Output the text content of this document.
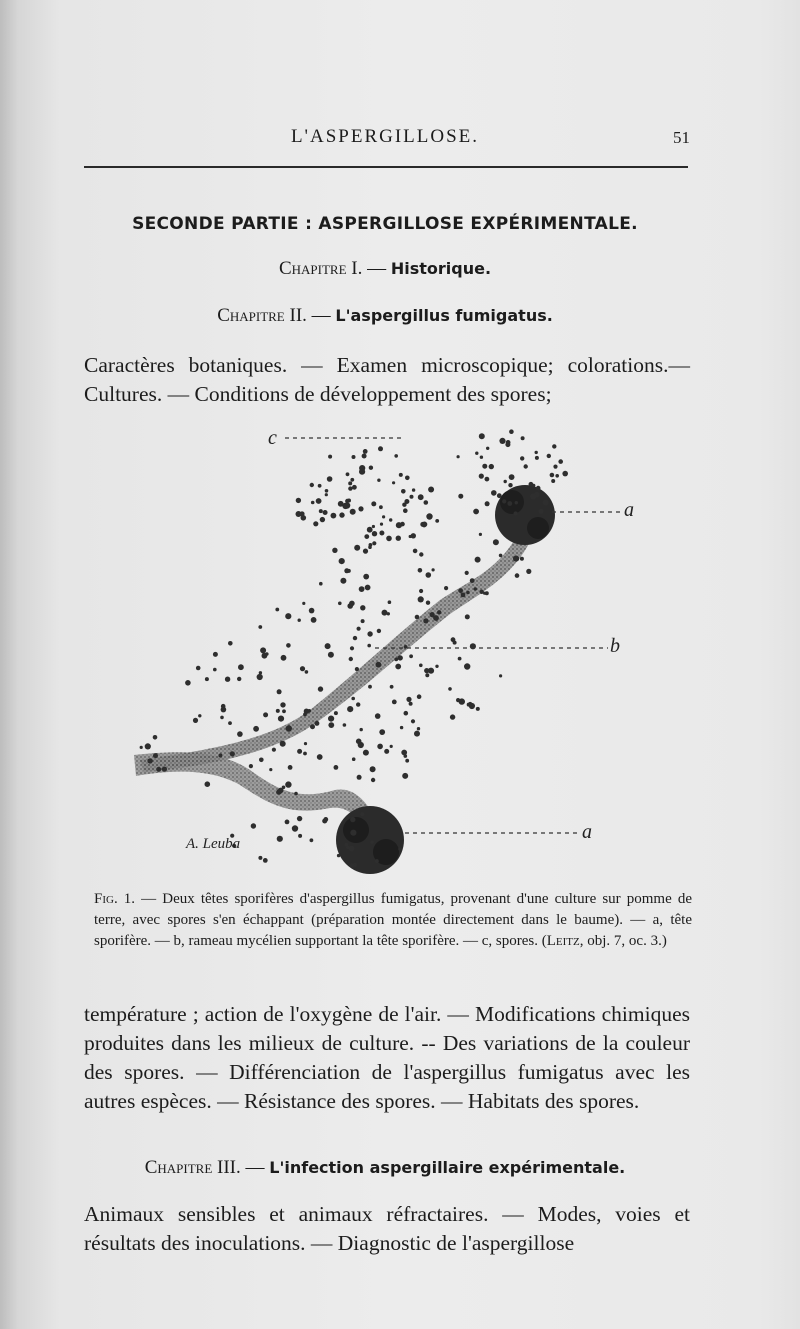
L'ASPERGILLOSE.	51
SECONDE PARTIE : ASPERGILLOSE EXPÉRIMENTALE.
Chapitre I. — Historique.
Chapitre II. — L'aspergillus fumigatus.

Caractères botaniques. — Examen microscopique; colorations.— Cultures. — Conditions de développement des spores;

c
a
b
a
A. Leuba

Fig. 1. — Deux têtes sporifères d'aspergillus fumigatus, provenant d'une culture sur pomme de terre, avec spores s'en échappant (préparation montée directement dans le baume). — a, tête sporifère. — b, rameau mycélien supportant la tête sporifère. — c, spores. (Leitz, obj. 7, oc. 3.)

température ; action de l'oxygène de l'air. — Modifications chimiques produites dans les milieux de culture. -- Des variations de la couleur des spores. — Différenciation de l'aspergillus fumigatus avec les autres espèces. — Résistance des spores. — Habitats des spores.

Chapitre III. — L'infection aspergillaire expérimentale.

Animaux sensibles et animaux réfractaires. — Modes, voies et résultats des inoculations. — Diagnostic de l'aspergillose
